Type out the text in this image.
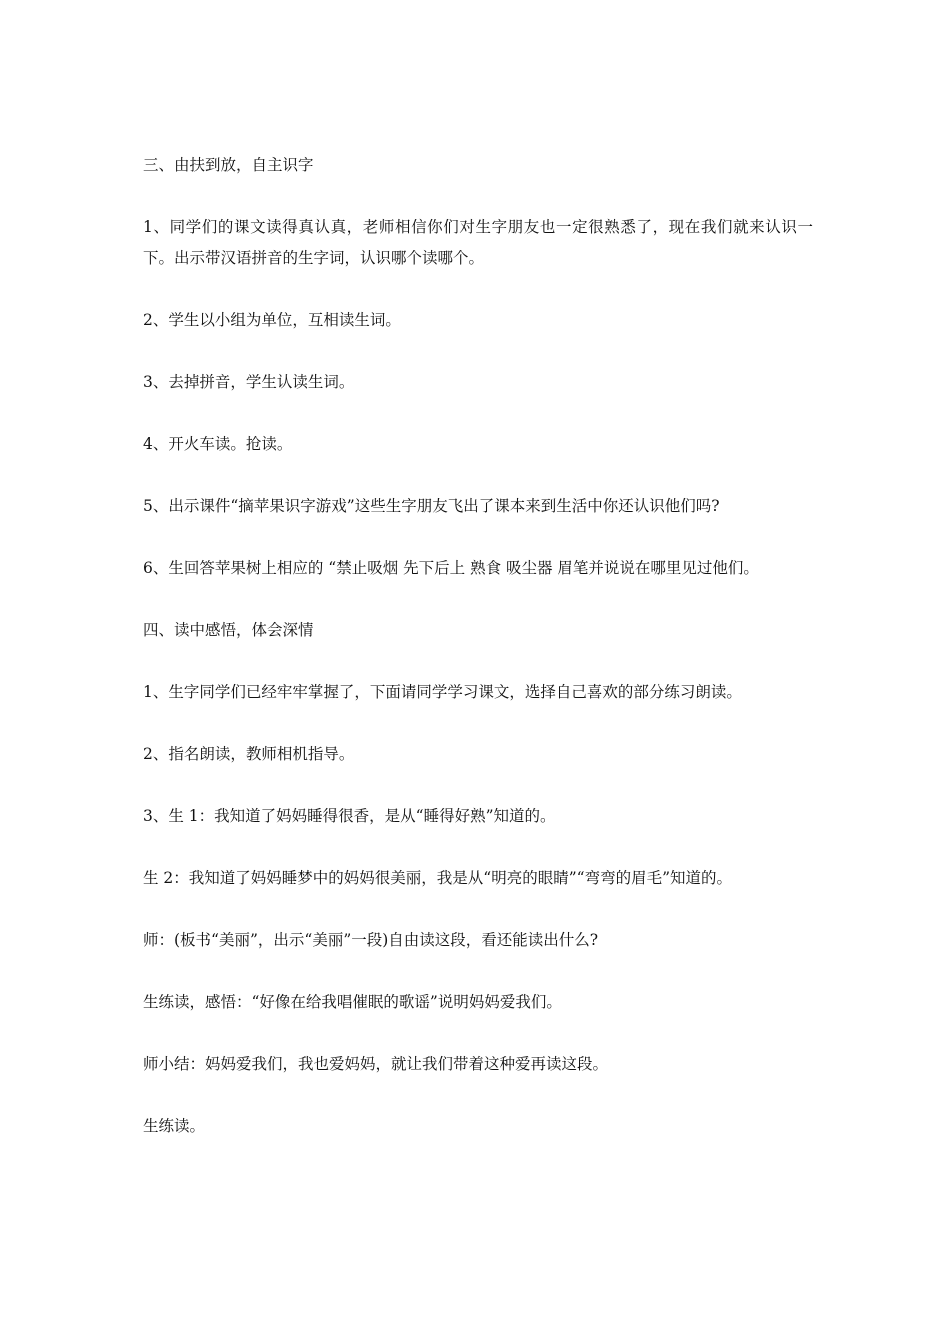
三、由扶到放，自主识字

1、同学们的课文读得真认真，老师相信你们对生字朋友也一定很熟悉了，现在我们就来认识一下。出示带汉语拼音的生字词，认识哪个读哪个。

2、学生以小组为单位，互相读生词。

3、去掉拼音，学生认读生词。

4、开火车读。抢读。

5、出示课件“摘苹果识字游戏”这些生字朋友飞出了课本来到生活中你还认识他们吗?

6、生回答苹果树上相应的 “禁止吸烟 先下后上 熟食 吸尘器 眉笔并说说在哪里见过他们。

四、读中感悟，体会深情

1、生字同学们已经牢牢掌握了，下面请同学学习课文，选择自己喜欢的部分练习朗读。

2、指名朗读，教师相机指导。

3、生 1：我知道了妈妈睡得很香，是从“睡得好熟”知道的。

生 2：我知道了妈妈睡梦中的妈妈很美丽，我是从“明亮的眼睛”“弯弯的眉毛”知道的。

师：(板书“美丽”，出示“美丽”一段)自由读这段，看还能读出什么?

生练读，感悟：“好像在给我唱催眠的歌谣”说明妈妈爱我们。

师小结：妈妈爱我们，我也爱妈妈，就让我们带着这种爱再读这段。

生练读。
